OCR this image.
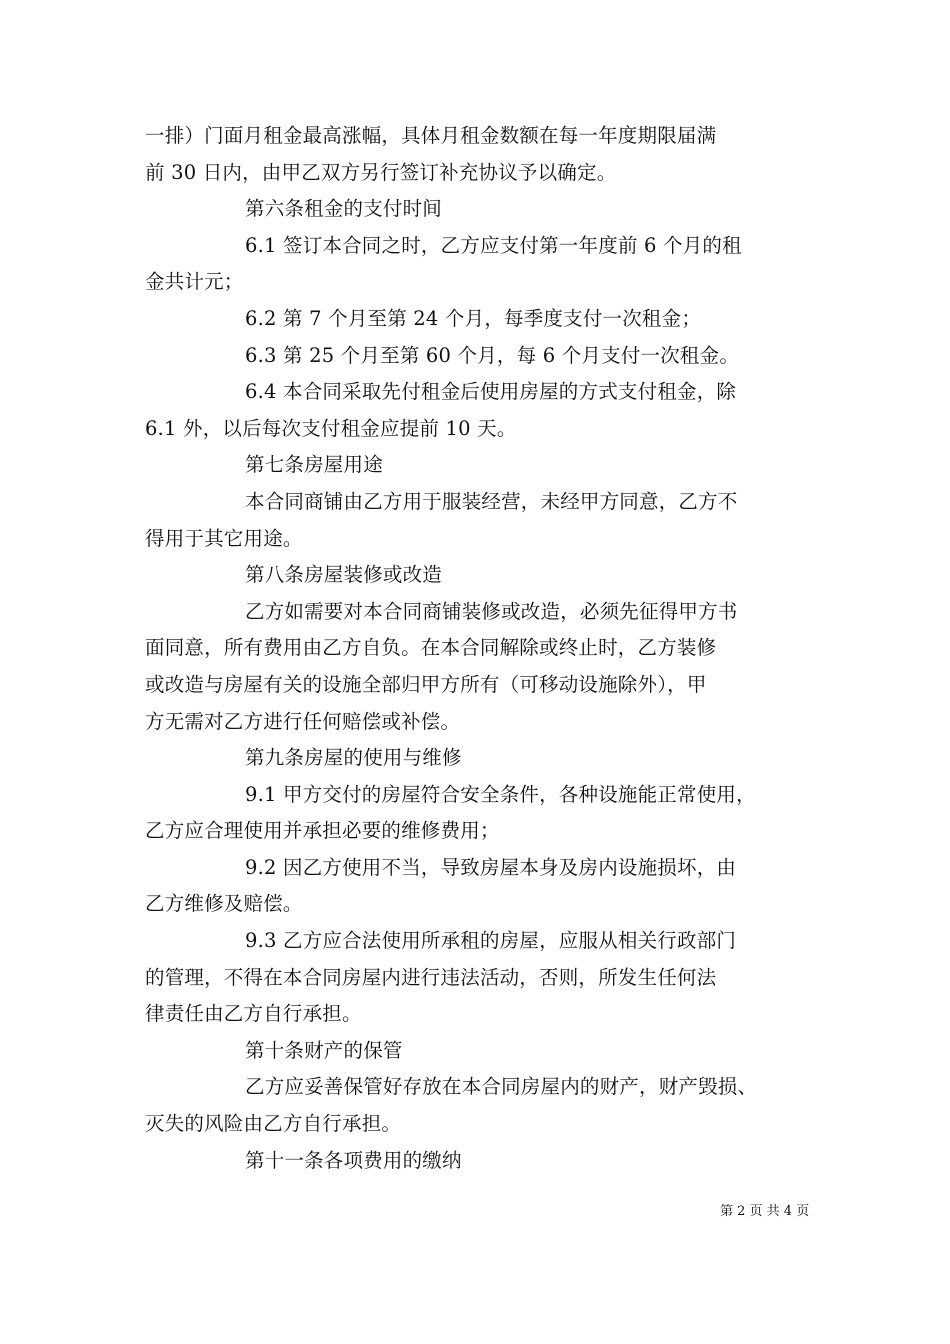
一排）门面月租金最高涨幅，具体月租金数额在每一年度期限届满
前 30 日内，由甲乙双方另行签订补充协议予以确定。
第六条租金的支付时间
6.1 签订本合同之时，乙方应支付第一年度前 6 个月的租
金共计元；
6.2 第 7 个月至第 24 个月，每季度支付一次租金；
6.3 第 25 个月至第 60 个月，每 6 个月支付一次租金。
6.4 本合同采取先付租金后使用房屋的方式支付租金，除
6.1 外，以后每次支付租金应提前 10 天。
第七条房屋用途
本合同商铺由乙方用于服装经营，未经甲方同意，乙方不
得用于其它用途。
第八条房屋装修或改造
乙方如需要对本合同商铺装修或改造，必须先征得甲方书
面同意，所有费用由乙方自负。在本合同解除或终止时，乙方装修
或改造与房屋有关的设施全部归甲方所有（可移动设施除外），甲
方无需对乙方进行任何赔偿或补偿。
第九条房屋的使用与维修
9.1 甲方交付的房屋符合安全条件，各种设施能正常使用，
乙方应合理使用并承担必要的维修费用；
9.2 因乙方使用不当，导致房屋本身及房内设施损坏，由
乙方维修及赔偿。
9.3 乙方应合法使用所承租的房屋，应服从相关行政部门
的管理，不得在本合同房屋内进行违法活动，否则，所发生任何法
律责任由乙方自行承担。
第十条财产的保管
乙方应妥善保管好存放在本合同房屋内的财产，财产毁损、
灭失的风险由乙方自行承担。
第十一条各项费用的缴纳
第 2 页 共 4 页
